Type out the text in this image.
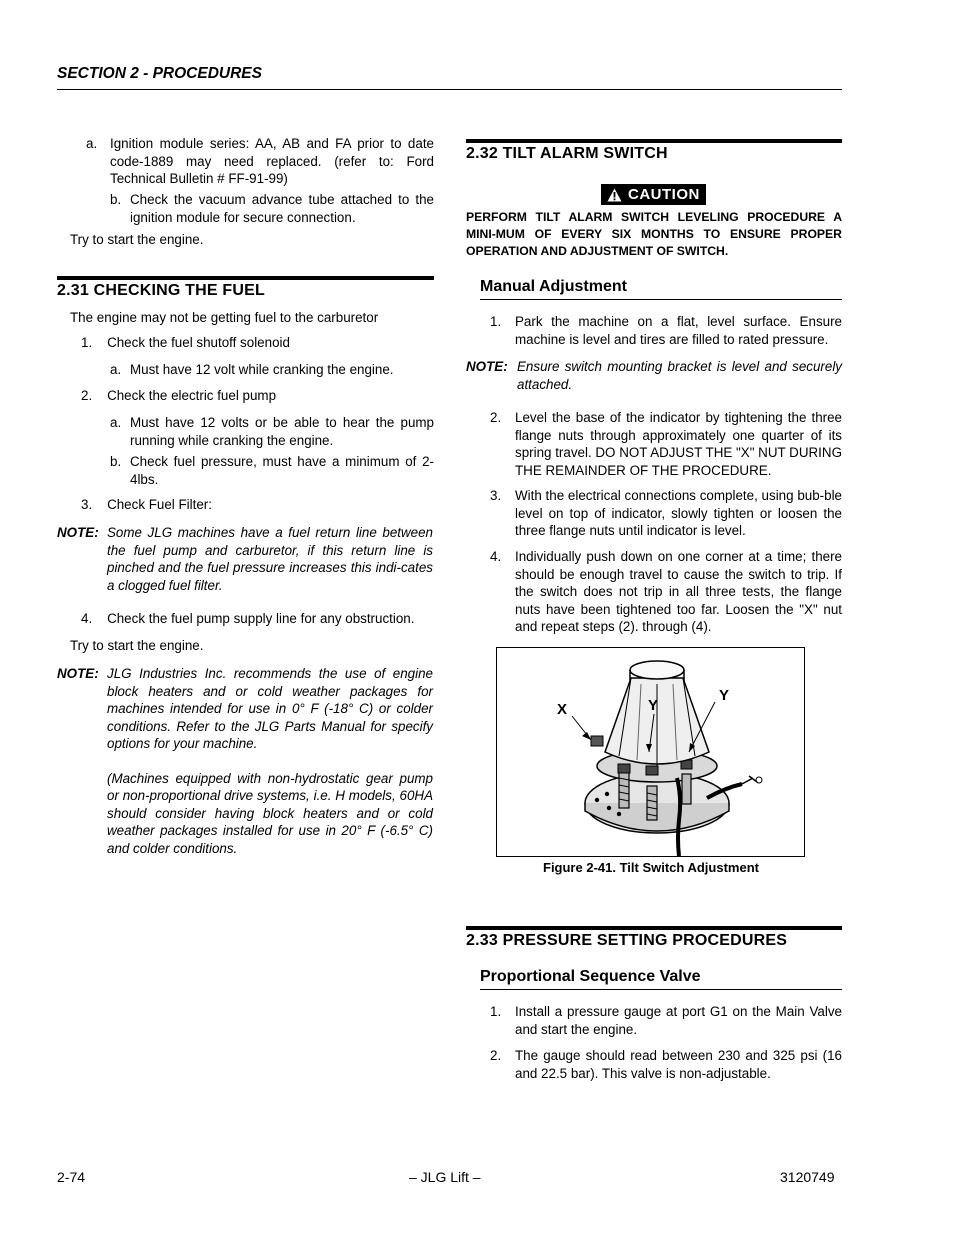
SECTION 2 - PROCEDURES
a. Ignition module series: AA, AB and FA prior to date code-1889 may need replaced. (refer to: Ford Technical Bulletin # FF-91-99)
b. Check the vacuum advance tube attached to the ignition module for secure connection.
Try to start the engine.
2.31 CHECKING THE FUEL
The engine may not be getting fuel to the carburetor
1. Check the fuel shutoff solenoid
a. Must have 12 volt while cranking the engine.
2. Check the electric fuel pump
a. Must have 12 volts or be able to hear the pump running while cranking the engine.
b. Check fuel pressure, must have a minimum of 2-4lbs.
3. Check Fuel Filter:
NOTE: Some JLG machines have a fuel return line between the fuel pump and carburetor, if this return line is pinched and the fuel pressure increases this indi-cates a clogged fuel filter.
4. Check the fuel pump supply line for any obstruction.
Try to start the engine.
NOTE: JLG Industries Inc. recommends the use of engine block heaters and or cold weather packages for machines intended for use in 0° F (-18° C) or colder conditions. Refer to the JLG Parts Manual for specify options for your machine.
(Machines equipped with non-hydrostatic gear pump or non-proportional drive systems, i.e. H models, 60HA should consider having block heaters and or cold weather packages installed for use in 20° F (-6.5° C) and colder conditions.
2.32 TILT ALARM SWITCH
CAUTION
PERFORM TILT ALARM SWITCH LEVELING PROCEDURE A MINI-MUM OF EVERY SIX MONTHS TO ENSURE PROPER OPERATION AND ADJUSTMENT OF SWITCH.
Manual Adjustment
1. Park the machine on a flat, level surface. Ensure machine is level and tires are filled to rated pressure.
NOTE: Ensure switch mounting bracket is level and securely attached.
2. Level the base of the indicator by tightening the three flange nuts through approximately one quarter of its spring travel. DO NOT ADJUST THE "X" NUT DURING THE REMAINDER OF THE PROCEDURE.
3. With the electrical connections complete, using bub-ble level on top of indicator, slowly tighten or loosen the three flange nuts until indicator is level.
4. Individually push down on one corner at a time; there should be enough travel to cause the switch to trip. If the switch does not trip in all three tests, the flange nuts have been tightened too far. Loosen the "X" nut and repeat steps (2). through (4).
X	Y
Y
Figure 2-41. Tilt Switch Adjustment
2.33 PRESSURE SETTING PROCEDURES
Proportional Sequence Valve
1. Install a pressure gauge at port G1 on the Main Valve and start the engine.
2. The gauge should read between 230 and 325 psi (16 and 22.5 bar). This valve is non-adjustable.
2-74	– JLG Lift –	3120749
